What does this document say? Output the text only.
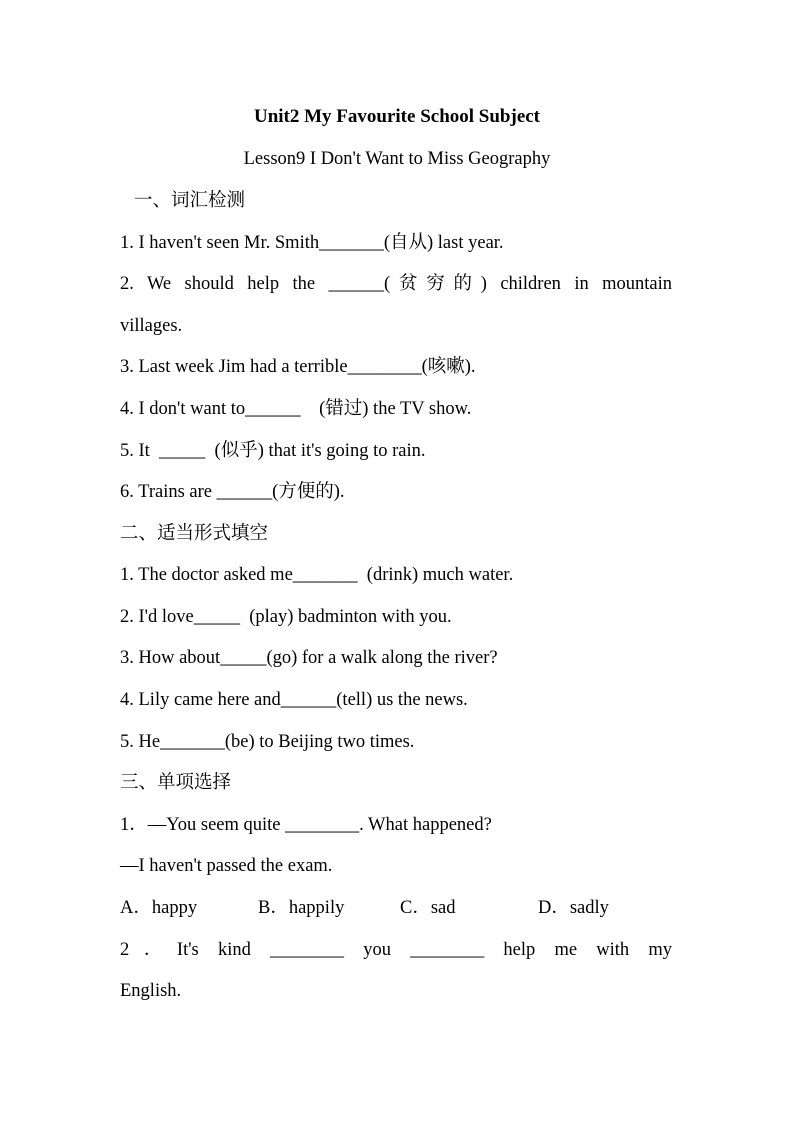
Unit2 My Favourite School Subject
Lesson9 I Don't Want to Miss Geography
一、词汇检测
1. I haven't seen Mr. Smith_______(自从) last year.
2. We should help the ______(贫穷的) children in mountain
villages.
3. Last week Jim had a terrible________(咳嗽).
4. I don't want to______    (错过) the TV show.
5. It  _____  (似乎) that it's going to rain.
6. Trains are ______(方便的).
二、适当形式填空
1. The doctor asked me_______  (drink) much water.
2. I'd love_____  (play) badminton with you.
3. How about_____(go) for a walk along the river?
4. Lily came here and______(tell) us the news.
5. He_______(be) to Beijing two times.
三、单项选择
1．—You seem quite ________. What happened?
—I haven't passed the exam.
A．happy	B．happily	C．sad	D．sadly
2．It's kind ________ you ________ help me with my
English.
